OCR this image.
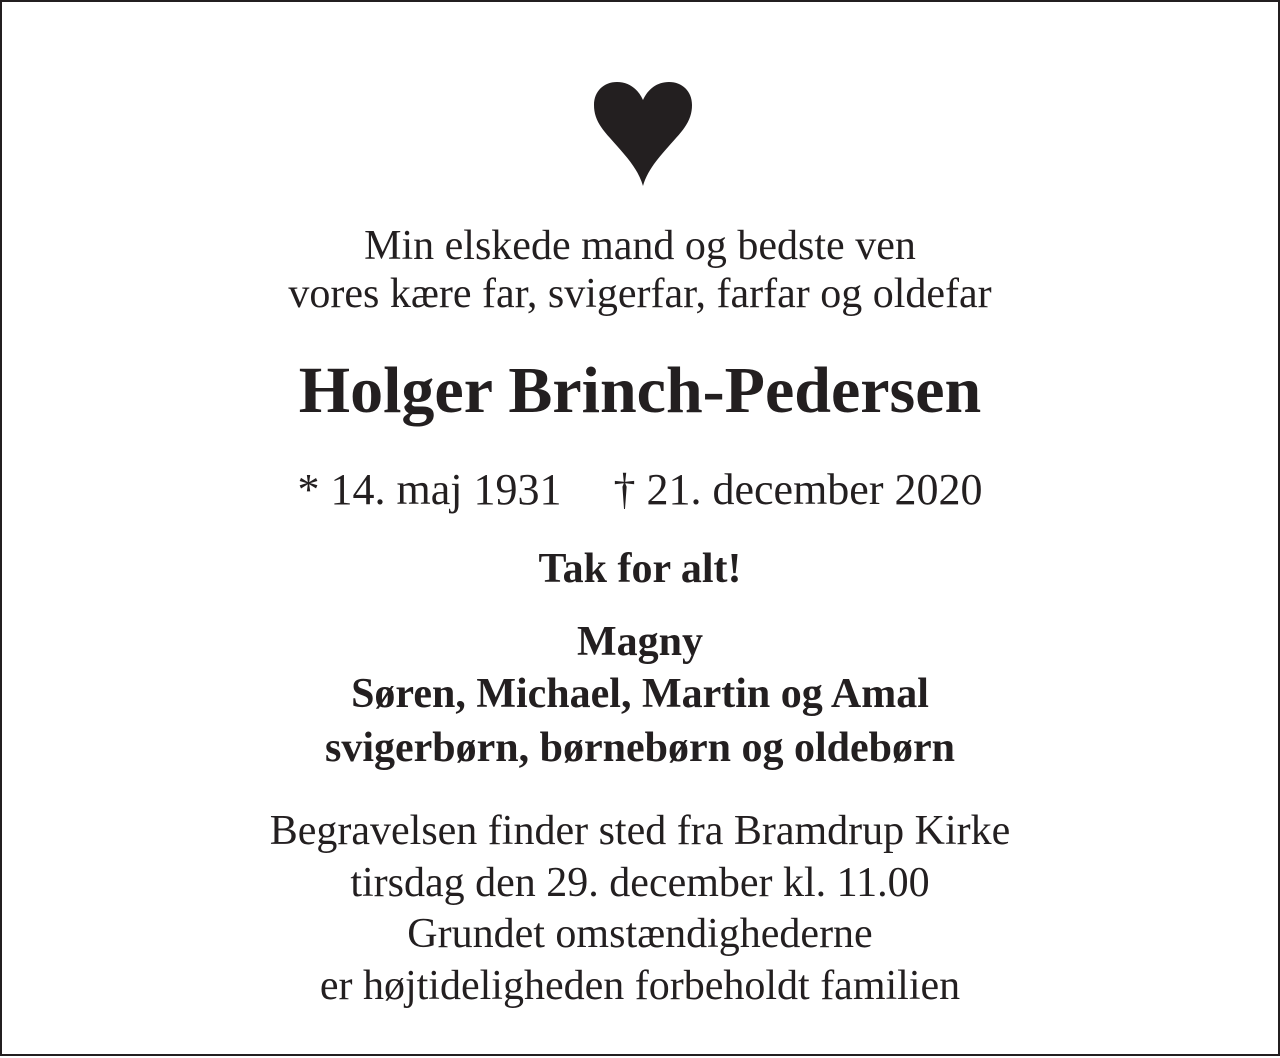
Min elskede mand og bedste ven
vores kære far, svigerfar, farfar og oldefar
Holger Brinch-Pedersen
* 14. maj 1931 † 21. december 2020
Tak for alt!
Magny
Søren, Michael, Martin og Amal
svigerbørn, børnebørn og oldebørn
Begravelsen finder sted fra Bramdrup Kirke
tirsdag den 29. december kl. 11.00
Grundet omstændighederne
er højtideligheden forbeholdt familien
